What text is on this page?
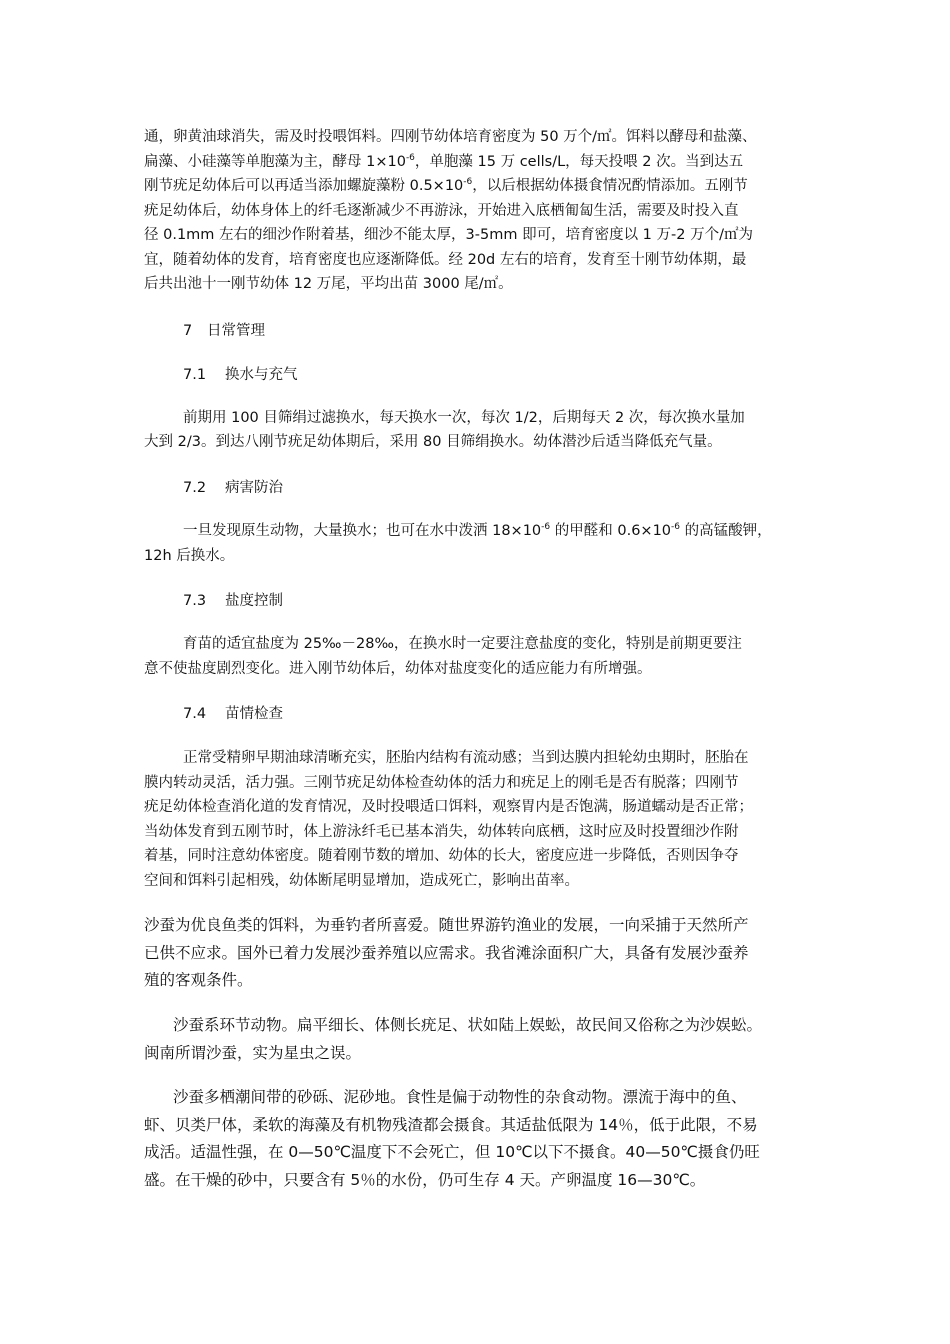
通，卵黄油球消失，需及时投喂饵料。四刚节幼体培育密度为 50 万个/㎡。饵料以酵母和盐藻、
扁藻、小硅藻等单胞藻为主，酵母 $1\times 10^{-6}$，单胞藻 15 万 cells/L，每天投喂 2 次。当到达五
刚节疣足幼体后可以再适当添加螺旋藻粉 $0.5\times 10^{-6}$，以后根据幼体摄食情况酌情添加。五刚节
疣足幼体后，幼体身体上的纤毛逐渐减少不再游泳，开始进入底栖匍匐生活，需要及时投入直
径 0.1mm 左右的细沙作附着基，细沙不能太厚，3-5mm 即可，培育密度以 1 万-2 万个/㎡为
宜，随着幼体的发育，培育密度也应逐渐降低。经 20d 左右的培育，发育至十刚节幼体期，最
后共出池十一刚节幼体 12 万尾，平均出苗 3000 尾/㎡。
7 日常管理
7.1 换水与充气
前期用 100 目筛绢过滤换水，每天换水一次，每次 1/2，后期每天 2 次，每次换水量加
大到 2/3。到达八刚节疣足幼体期后，采用 80 目筛绢换水。幼体潜沙后适当降低充气量。
7.2 病害防治
一旦发现原生动物，大量换水；也可在水中泼洒 $18\times 10^{-6}$ 的甲醛和 $0.6\times 10^{-6}$ 的高锰酸钾，
12h 后换水。
7.3 盐度控制
育苗的适宜盐度为 25‰－28‰，在换水时一定要注意盐度的变化，特别是前期更要注
意不使盐度剧烈变化。进入刚节幼体后，幼体对盐度变化的适应能力有所增强。
7.4 苗情检查
正常受精卵早期油球清晰充实，胚胎内结构有流动感；当到达膜内担轮幼虫期时，胚胎在
膜内转动灵活，活力强。三刚节疣足幼体检查幼体的活力和疣足上的刚毛是否有脱落；四刚节
疣足幼体检查消化道的发育情况，及时投喂适口饵料，观察胃内是否饱满，肠道蠕动是否正常；
当幼体发育到五刚节时，体上游泳纤毛已基本消失，幼体转向底栖，这时应及时投置细沙作附
着基，同时注意幼体密度。随着刚节数的增加、幼体的长大，密度应进一步降低，否则因争夺
空间和饵料引起相残，幼体断尾明显增加，造成死亡，影响出苗率。
沙蚕为优良鱼类的饵料，为垂钓者所喜爱。随世界游钓渔业的发展，一向采捕于天然所产
已供不应求。国外已着力发展沙蚕养殖以应需求。我省滩涂面积广大，具备有发展沙蚕养
殖的客观条件。
沙蚕系环节动物。扁平细长、体侧长疣足、状如陆上娱蚣，故民间又俗称之为沙娱蚣。
闽南所谓沙蚕，实为星虫之误。
沙蚕多栖潮间带的砂砾、泥砂地。食性是偏于动物性的杂食动物。漂流于海中的鱼、
虾、贝类尸体，柔软的海藻及有机物残渣都会摄食。其适盐低限为 14％，低于此限，不易
成活。适温性强，在 0—50℃温度下不会死亡，但 10℃以下不摄食。40—50℃摄食仍旺
盛。在干燥的砂中，只要含有 5％的水份，仍可生存 4 天。产卵温度 16—30℃。
